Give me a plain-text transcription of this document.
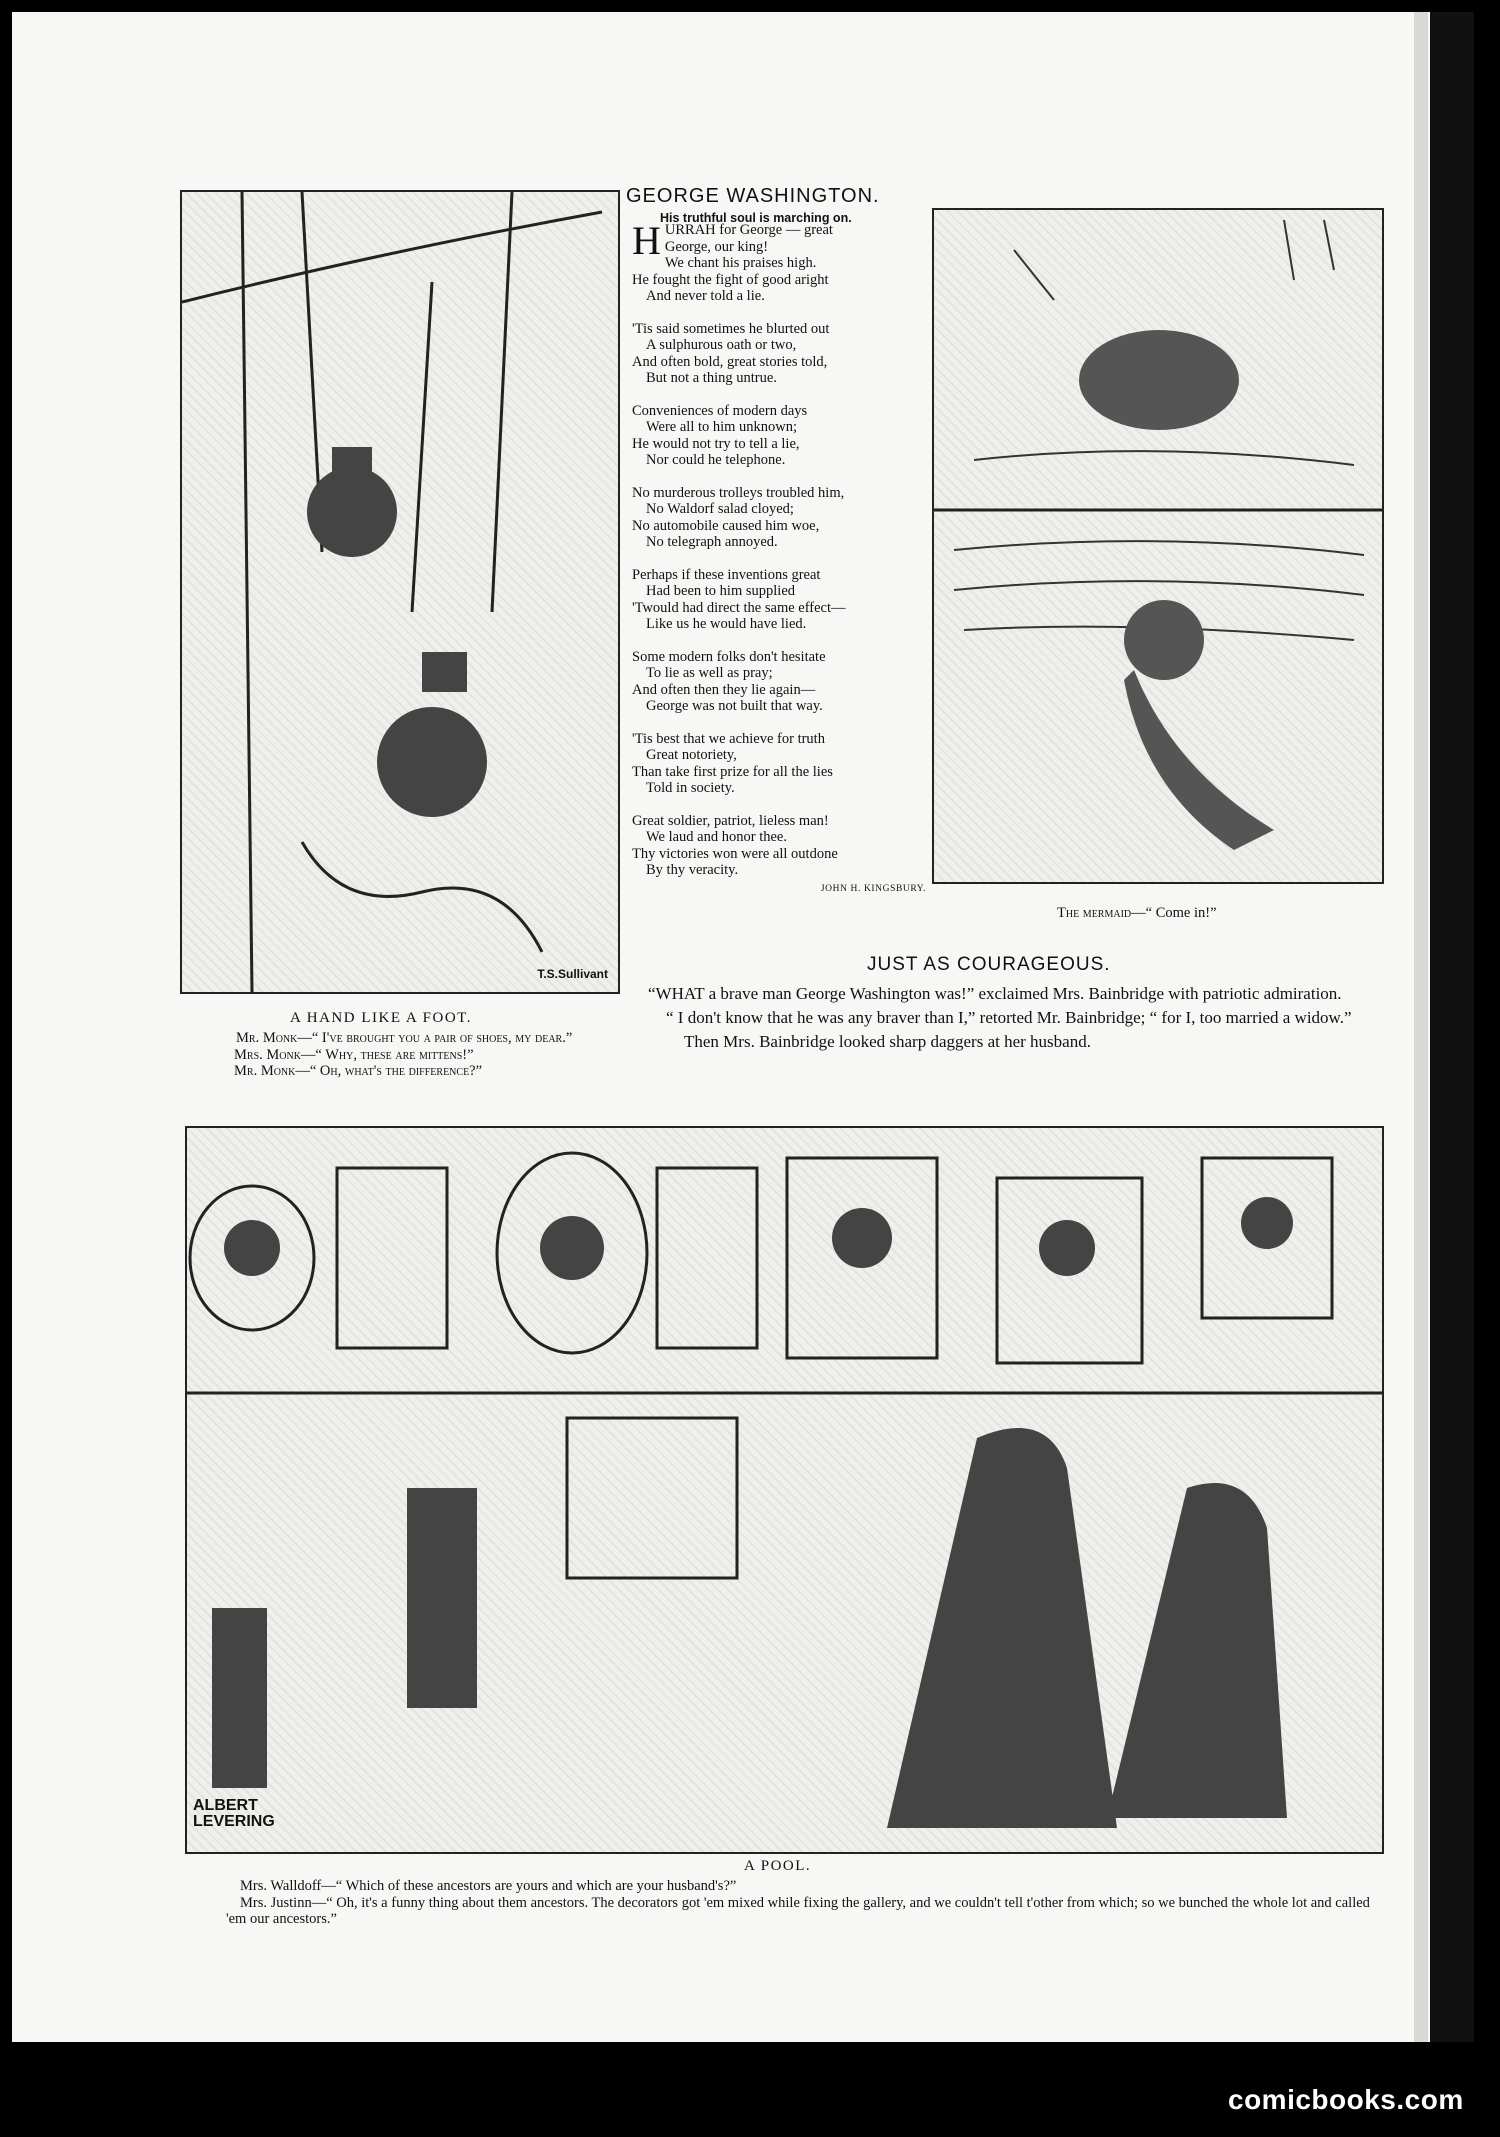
T.S.Sullivant
GEORGE WASHINGTON.
His truthful soul is marching on.
H URRAH for George — great
George, our king!
We chant his praises high.
He fought the fight of good aright
And never told a lie.
'Tis said sometimes he blurted out
A sulphurous oath or two,
And often bold, great stories told,
But not a thing untrue.
Conveniences of modern days
Were all to him unknown;
He would not try to tell a lie,
Nor could he telephone.
No murderous trolleys troubled him,
No Waldorf salad cloyed;
No automobile caused him woe,
No telegraph annoyed.
Perhaps if these inventions great
Had been to him supplied
'Twould had direct the same effect—
Like us he would have lied.
Some modern folks don't hesitate
To lie as well as pray;
And often then they lie again—
George was not built that way.
'Tis best that we achieve for truth
Great notoriety,
Than take first prize for all the lies
Told in society.
Great soldier, patriot, lieless man!
We laud and honor thee.
Thy victories won were all outdone
By thy veracity.
JOHN H. KINGSBURY.
The mermaid—“ Come in!”
A HAND LIKE A FOOT.
Mr. Monk—“ I've brought you a pair of shoes, my dear.”
Mrs. Monk—“ Why, these are mittens!”
Mr. Monk—“ Oh, what's the difference?”
JUST AS COURAGEOUS.
“WHAT a brave man George Washington was!” exclaimed Mrs. Bainbridge with patriotic admiration.
“ I don't know that he was any braver than I,” retorted Mr. Bainbridge; “ for I, too married a widow.”
Then Mrs. Bainbridge looked sharp daggers at her husband.
ALBERT
LEVERING
A POOL.
Mrs. Walldoff—“ Which of these ancestors are yours and which are your husband's?”
Mrs. Justinn—“ Oh, it's a funny thing about them ancestors. The decorators got 'em mixed while fixing the gallery, and we couldn't tell t'other from which; so we bunched the whole lot and called 'em our ancestors.”
comicbooks.com
